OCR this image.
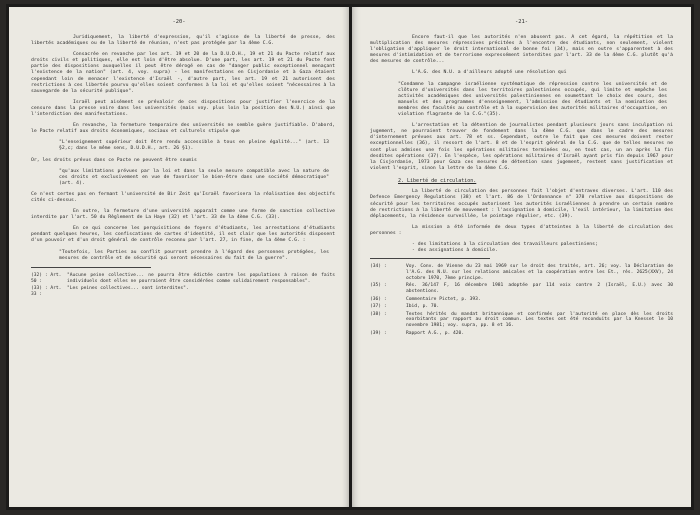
-20-

Juridiquement, la liberté d'expression, qu'il s'agisse de la liberté de presse, des libertés académiques ou de la liberté de réunion, n'est pas protégée par la 4ème C.G.

Consacrée en revanche par les art. 19 et 20 de la D.U.D.H., 19 et 21 du Pacte relatif aux droits civils et politiques, elle est loin d'être absolue. D'une part, les art. 19 et 21 du Pacte font partie des dispositions auxquelles il peut être dérogé en cas de "danger public exceptionnel menaçant l'existence de la nation" (art. 4, voy. supra) - les manifestations en Cisjordanie et à Gaza étaient cependant loin de menacer l'existence d'Israël -, d'autre part, les art. 19 et 21 autorisent des restrictions à ces libertés pourvu qu'elles soient conformes à la loi et qu'elles soient "nécessaires à la sauvegarde de la sécurité publique".

Israël peut aisément se prévaloir de ces dispositions pour justifier l'exercice de la censure dans la presse voire dans les universités (mais voy. plus loin la position des N.U.) ainsi que l'interdiction des manifestations.

En revanche, la fermeture temporaire des universités ne semble guère justifiable. D'abord, le Pacte relatif aux droits économiques, sociaux et culturels stipule que

"L'enseignement supérieur doit être rendu accessible à tous en pleine égalité..." (art. 13 §2,c; dans le même sens, D.U.D.H., art. 26 §1).

Or, les droits prévus dans ce Pacte ne peuvent être soumis

"qu'aux limitations prévues par la loi et dans la seule mesure compatible avec la nature de ces droits et exclusivement en vue de favoriser le bien-être dans une société démocratique" (art. 4).

Ce n'est certes pas en fermant l'université de Bir Zeit qu'Israël favorisera la réalisation des objectifs cités ci-dessus.

En outre, la fermeture d'une université apparaît comme une forme de sanction collective interdite par l'art. 50 du Règlement de La Haye (32) et l'art. 33 de la 4ème C.G. (33).

En ce qui concerne les perquisitions de foyers d'étudiants, les arrestations d'étudiants pendant quelques heures, les confiscations de cartes d'identité, il est clair que les autorités disposent d'un pouvoir et d'un droit général de contrôle reconnu par l'art. 27, in fine, de la 4ème C.G. :

"Toutefois, les Parties au conflit pourront prendre à l'égard des personnes protégées, les mesures de contrôle et de sécurité qui seront nécessaires du fait de la guerre".

(32) : Art. 50 :
"Aucune peine collective... ne pourra être édictée contre les populations à raison de faits individuels dont elles ne pourraient être considérées comme solidairement responsables".
(33) : Art. 33 :
"Les peines collectives... sont interdites".
-21-

Encore faut-il que les autorités n'en abusent pas. A cet égard, la répétition et la multiplication des mesures répressives précitées à l'encontre des étudiants, non seulement, violent l'obligation d'appliquer le droit international de bonne foi (34), mais en outre s'apparentent à des mesures d'intimidation et de terrorisme expressément interdites par l'art. 33 de la 4ème C.G. plutôt qu'à des mesures de contrôle...

L'A.G. des N.U. a d'ailleurs adopté une résolution qui

"Condamne la campagne israélienne systématique de répression contre les universités et de clôture d'universités dans les territoires palestiniens occupés, qui limite et empêche les activités académiques des universités palestiniennes en soumettant le choix des cours, des manuels et des programmes d'enseignement, l'admission des étudiants et la nomination des membres des facultés au contrôle et à la supervision des autorités militaires d'occupation, en violation flagrante de la C.G."(35).

L'arrestation et la détention de journalistes pendant plusieurs jours sans inculpation ni jugement, ne pourraient trouver de fondement dans la 4ème C.G. que dans le cadre des mesures d'internement prévues aux art. 78 et ss. Cependant, outre le fait que ces mesures doivent rester exceptionnelles (36), il ressort de l'art. 8 et de l'esprit général de la C.G. que de telles mesures ne sont plus admises une fois les opérations militaires terminées ou, en tout cas, un an après la fin desdites opérations (37). En l'espèce, les opérations militaires d'Israël ayant pris fin depuis 1967 pour la Cisjordanie, 1973 pour Gaza ces mesures de détention sans jugement, restent sans justification et violent l'esprit, sinon la lettre de la 4ème C.G.

2. Liberté de circulation.

La liberté de circulation des personnes fait l'objet d'entraves diverses. L'art. 110 des Defence Emergency Regulations (38) et l'art. 86 de l'Ordonnance n° 378 relative aux dispositions de sécurité pour les territoires occupés autorisent les autorités israéliennes à prendre un certain nombre de restrictions à la liberté de mouvement : l'assignation à domicile, l'exil intérieur, la limitation des déplacements, la résidence surveillée, le pointage régulier, etc. (39).

La mission a été informée de deux types d'atteintes à la liberté de circulation des personnes :

- des limitations à la circulation des travailleurs palestiniens;
- des assignations à domicile.
(34) :	Voy. Conv. de Vienne du 23 mai 1969 sur le droit des traités, art. 26; voy. la Déclaration de l'A.G. des N.U. sur les relations amicales et la coopération entre les Et., rés. 2625(XXV), 24 octobre 1970, 7ème principe.
(35) :	Rés. 36/147 F, 16 décembre 1981 adoptée par 114 voix contre 2 (Israël, E.U.) avec 30 abstentions.
(36) :	Commentaire Pictet, p. 393.
(37) :	Ibid, p. 70.
(38) :	Textes hérités du mandat britannique et confirmés par l'autorité en place dès les droits exorbitants par rapport au droit commun. Les textes ont été reconduits par la Knesset le 10 novembre 1981; voy. supra, pp. 8 et 16.
(39) :	Rapport A.G., p. 420.
